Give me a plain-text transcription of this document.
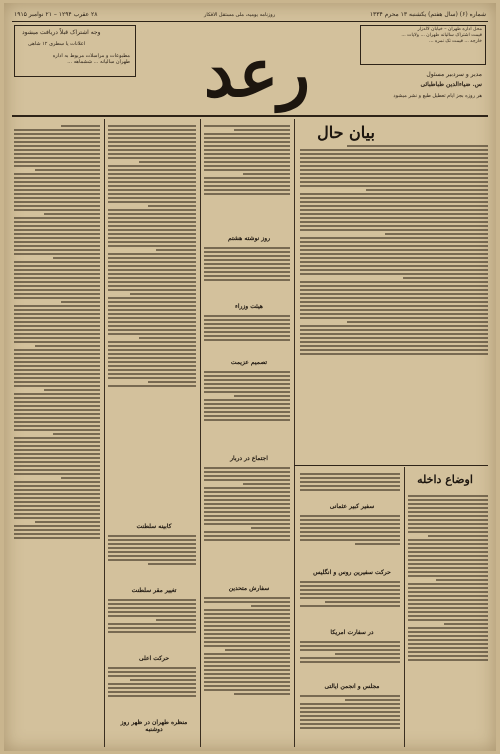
شماره (۶) (سال هفتم) یکشنبه ۱۳ محرم ۱۳۳۴
۲۸ عقرب ۱۲۹۴ – ۲۱ نوامبر ۱۹۱۵	روزنامه یومیه، ملی مستقل الافکار
محل اداره طهران – خیابان لاله‌زار
قیمت اشتراک سالیانه طهران ... ولایات ...
خارجه ... قیمت تک نمره ...
وجه اشتراک قبلاً دریافت میشود
اعلانات یا سطری ۱۲ شاهی
مطبوعات و مراسلات مربوط به اداره
طهران سالیانه ... ششماهه ...	رعد	مدیر و سردبیر مسئول
س. ضیاءالدین طباطبائی
هر روزه بجز ایام تعطیل طبع و نشر میشود
بیان حال
اوضاع داخله
روز نوشته هشتم
هیئت وزراء
تصمیم عزیمت
اجتماع در دربار
سفارش متحدین
کابینه سلطنت
تغییر مقر سلطنت
حرکت اعلی
منظره طهران در ظهر روز دوشنبه
سفیر کبیر عثمانی
حرکت سفیرین روس و انگلیس
در سفارت امریکا
مجلس و انجمن ایالتی
